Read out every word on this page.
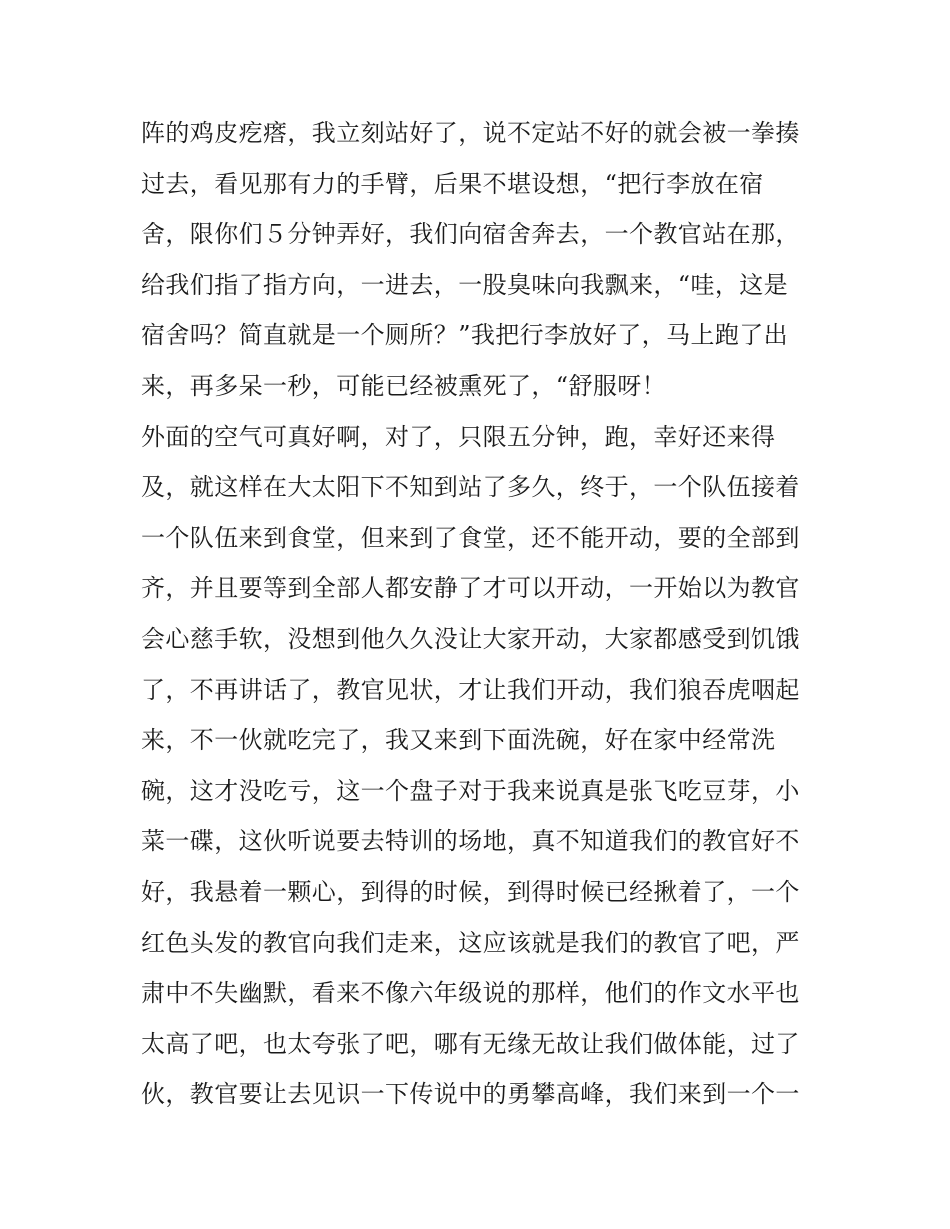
阵的鸡皮疙瘩，我立刻站好了，说不定站不好的就会被一拳揍
过去，看见那有力的手臂，后果不堪设想，“把行李放在宿
舍，限你们５分钟弄好，我们向宿舍奔去，一个教官站在那，
给我们指了指方向，一进去，一股臭味向我飘来，“哇，这是
宿舍吗？简直就是一个厕所？”我把行李放好了，马上跑了出
来，再多呆一秒，可能已经被熏死了，“舒服呀！
外面的空气可真好啊，对了，只限五分钟，跑，幸好还来得
及，就这样在大太阳下不知到站了多久，终于，一个队伍接着
一个队伍来到食堂，但来到了食堂，还不能开动，要的全部到
齐，并且要等到全部人都安静了才可以开动，一开始以为教官
会心慈手软，没想到他久久没让大家开动，大家都感受到饥饿
了，不再讲话了，教官见状，才让我们开动，我们狼吞虎咽起
来，不一伙就吃完了，我又来到下面洗碗，好在家中经常洗
碗，这才没吃亏，这一个盘子对于我来说真是张飞吃豆芽，小
菜一碟，这伙听说要去特训的场地，真不知道我们的教官好不
好，我悬着一颗心，到得的时候，到得时候已经揪着了，一个
红色头发的教官向我们走来，这应该就是我们的教官了吧，严
肃中不失幽默，看来不像六年级说的那样，他们的作文水平也
太高了吧，也太夸张了吧，哪有无缘无故让我们做体能，过了
伙，教官要让去见识一下传说中的勇攀高峰，我们来到一个一
